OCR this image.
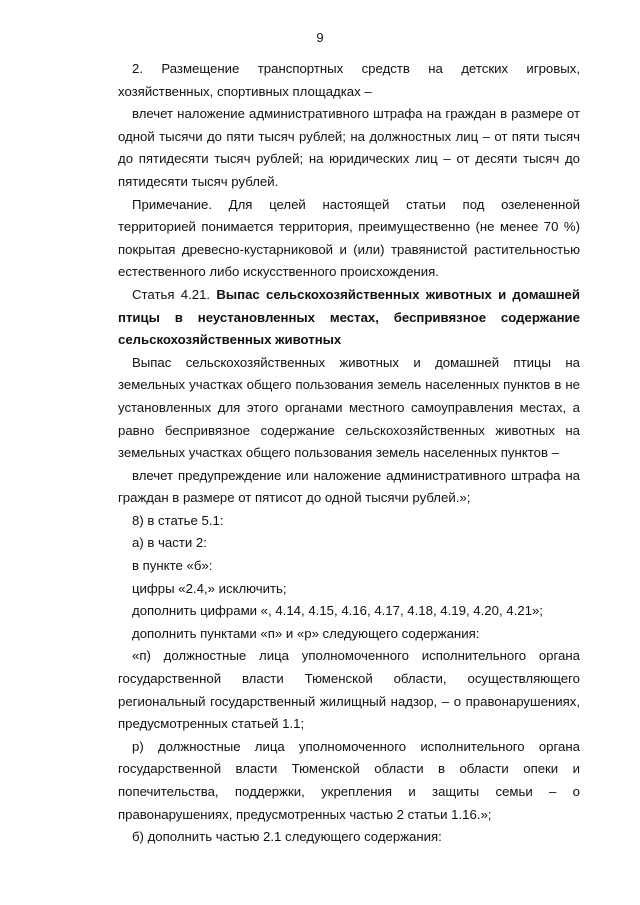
9

2. Размещение транспортных средств на детских игровых, хозяйственных, спортивных площадках –

влечет наложение административного штрафа на граждан в размере от одной тысячи до пяти тысяч рублей; на должностных лиц – от пяти тысяч до пятидесяти тысяч рублей; на юридических лиц – от десяти тысяч до пятидесяти тысяч рублей.

Примечание. Для целей настоящей статьи под озелененной территорией понимается территория, преимущественно (не менее 70 %) покрытая древесно-кустарниковой и (или) травянистой растительностью естественного либо искусственного происхождения.

Статья 4.21. Выпас сельскохозяйственных животных и домашней птицы в неустановленных местах, беспривязное содержание сельскохозяйственных животных

Выпас сельскохозяйственных животных и домашней птицы на земельных участках общего пользования земель населенных пунктов в не установленных для этого органами местного самоуправления местах, а равно беспривязное содержание сельскохозяйственных животных на земельных участках общего пользования земель населенных пунктов –

влечет предупреждение или наложение административного штрафа на граждан в размере от пятисот до одной тысячи рублей.»;

8) в статье 5.1:

а) в части 2:

в пункте «б»:

цифры «2.4,» исключить;

дополнить цифрами «, 4.14, 4.15, 4.16, 4.17, 4.18, 4.19, 4.20, 4.21»;

дополнить пунктами «п» и «р» следующего содержания:

«п) должностные лица уполномоченного исполнительного органа государственной власти Тюменской области, осуществляющего региональный государственный жилищный надзор, – о правонарушениях, предусмотренных статьей 1.1;

р) должностные лица уполномоченного исполнительного органа государственной власти Тюменской области в области опеки и попечительства, поддержки, укрепления и защиты семьи – о правонарушениях, предусмотренных частью 2 статьи 1.16.»;

б) дополнить частью 2.1 следующего содержания:
